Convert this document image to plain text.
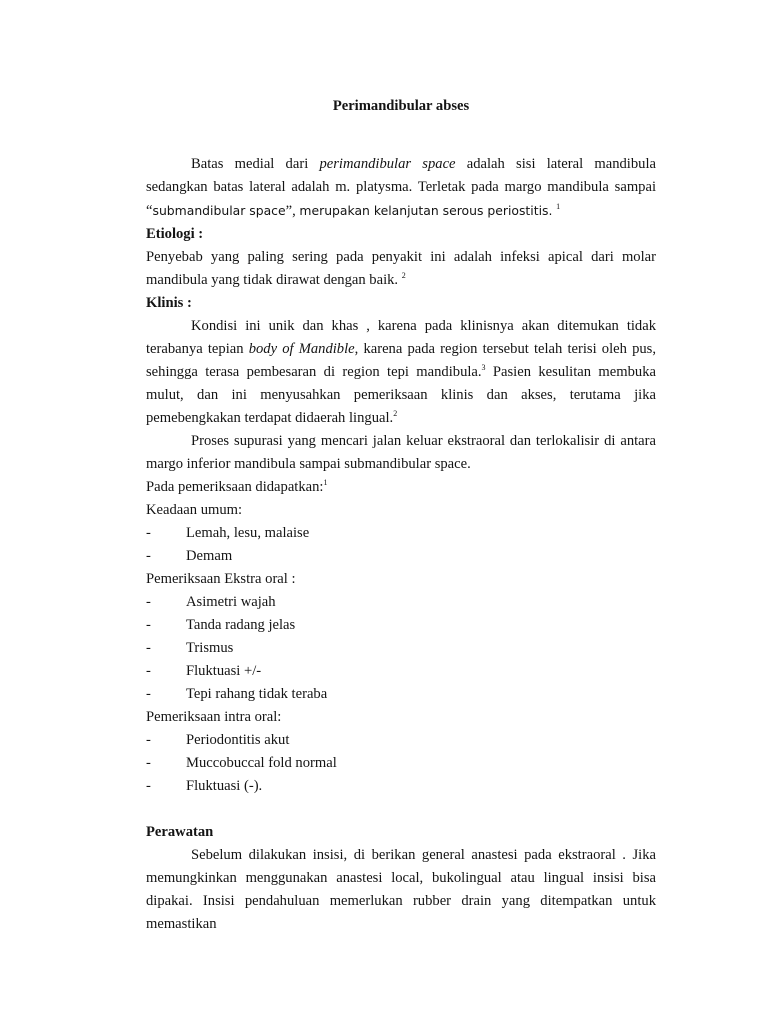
Perimandibular abses

Batas medial dari perimandibular space adalah sisi lateral mandibula sedangkan batas lateral adalah m. platysma. Terletak pada margo mandibula sampai “submandibular space”, merupakan kelanjutan serous periostitis. $^1$

Etiologi :

Penyebab yang paling sering pada penyakit ini adalah infeksi apical dari molar mandibula yang tidak dirawat dengan baik. $^2$

Klinis :

Kondisi ini unik dan khas , karena pada klinisnya akan ditemukan tidak terabanya tepian body of Mandible, karena pada region tersebut telah terisi oleh pus, sehingga terasa pembesaran di region tepi mandibula.$^3$ Pasien kesulitan membuka mulut, dan ini menyusahkan pemeriksaan klinis dan akses, terutama jika pemebengkakan terdapat didaerah lingual.$^2$

Proses supurasi yang mencari jalan keluar ekstraoral dan terlokalisir di antara margo inferior mandibula sampai submandibular space.

Pada pemeriksaan didapatkan:$^1$

Keadaan umum:

-	Lemah, lesu, malaise
-	Demam

Pemeriksaan Ekstra oral :

-	Asimetri wajah
-	Tanda radang jelas
-	Trismus
-	Fluktuasi +/-
-	Tepi rahang tidak teraba

Pemeriksaan intra oral:

-	Periodontitis akut
-	Muccobuccal fold normal
-	Fluktuasi (-).

Perawatan

Sebelum dilakukan insisi, di berikan general anastesi pada ekstraoral . Jika memungkinkan menggunakan anastesi local, bukolingual atau lingual insisi bisa dipakai. Insisi pendahuluan memerlukan rubber drain yang ditempatkan untuk memastikan
